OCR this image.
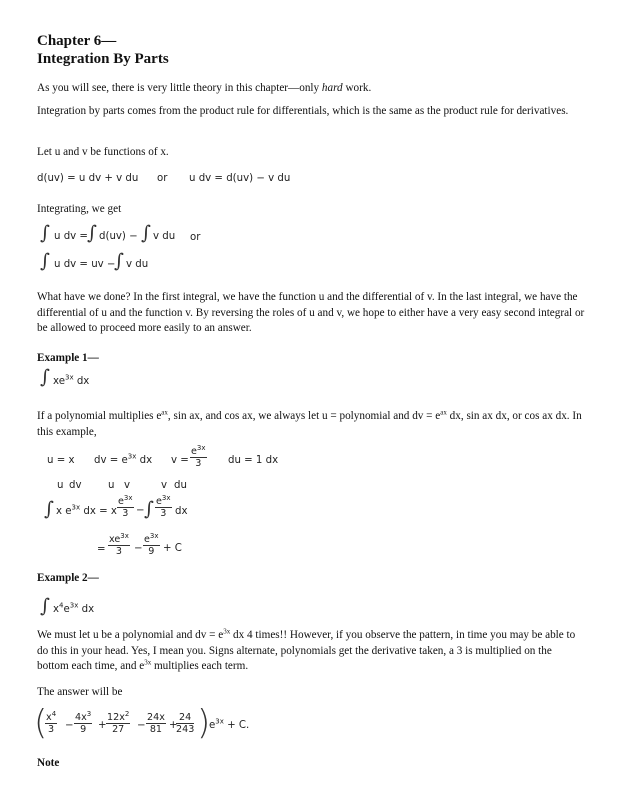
Chapter 6—
Integration By Parts
As you will see, there is very little theory in this chapter—only hard work.
Integration by parts comes from the product rule for differentials, which is the same as the product rule for derivatives.
Let u and v be functions of x.
d(uv) = u dv + v du or u dv = d(uv) − v du
Integrating, we get
∫ u dv = ∫ d(uv) − ∫ v du or
∫ u dv = uv −
∫ v du
What have we done? In the first integral, we have the function u and the differential of v. In the last integral, we have the differential of u and the function v. By reversing the roles of u and v, we hope to either have a very easy second integral or be allowed to proceed more easily to an answer.
Example 1—
∫ $xe^{3x}$ dx
If a polynomial multiplies $e^{ax}$, sin ax, and cos ax, we always let u = polynomial and dv = $e^{ax}$ dx, sin ax dx, or cos ax dx. In this example,
u = x dv = $e^{3x}$ dx v =
$e^{3x}$
3	du = 1 dx
u dv	u v	v du
∫ x $e^{3x}$ dx = x
$e^{3x}$
3 − ∫ $e^{3x}$
3 dx
=
$xe^{3x}$
3 −
$e^{3x}$
9 + C
Example 2—
∫ $x^4e^{3x}$ dx
We must let u be a polynomial and dv = $e^{3x}$ dx 4 times!! However, if you observe the pattern, in time you may be able to do this in your head. Yes, I mean you. Signs alternate, polynomials get the derivative taken, a 3 is multiplied on the bottom each time, and $e^{3x}$ multiplies each term.
The answer will be
(
$x^4$
3 −
$4x^3$
9 +
$12x^2$
27 −
24x
81 +
24
243 )
$e^{3x} + C$.
Note
